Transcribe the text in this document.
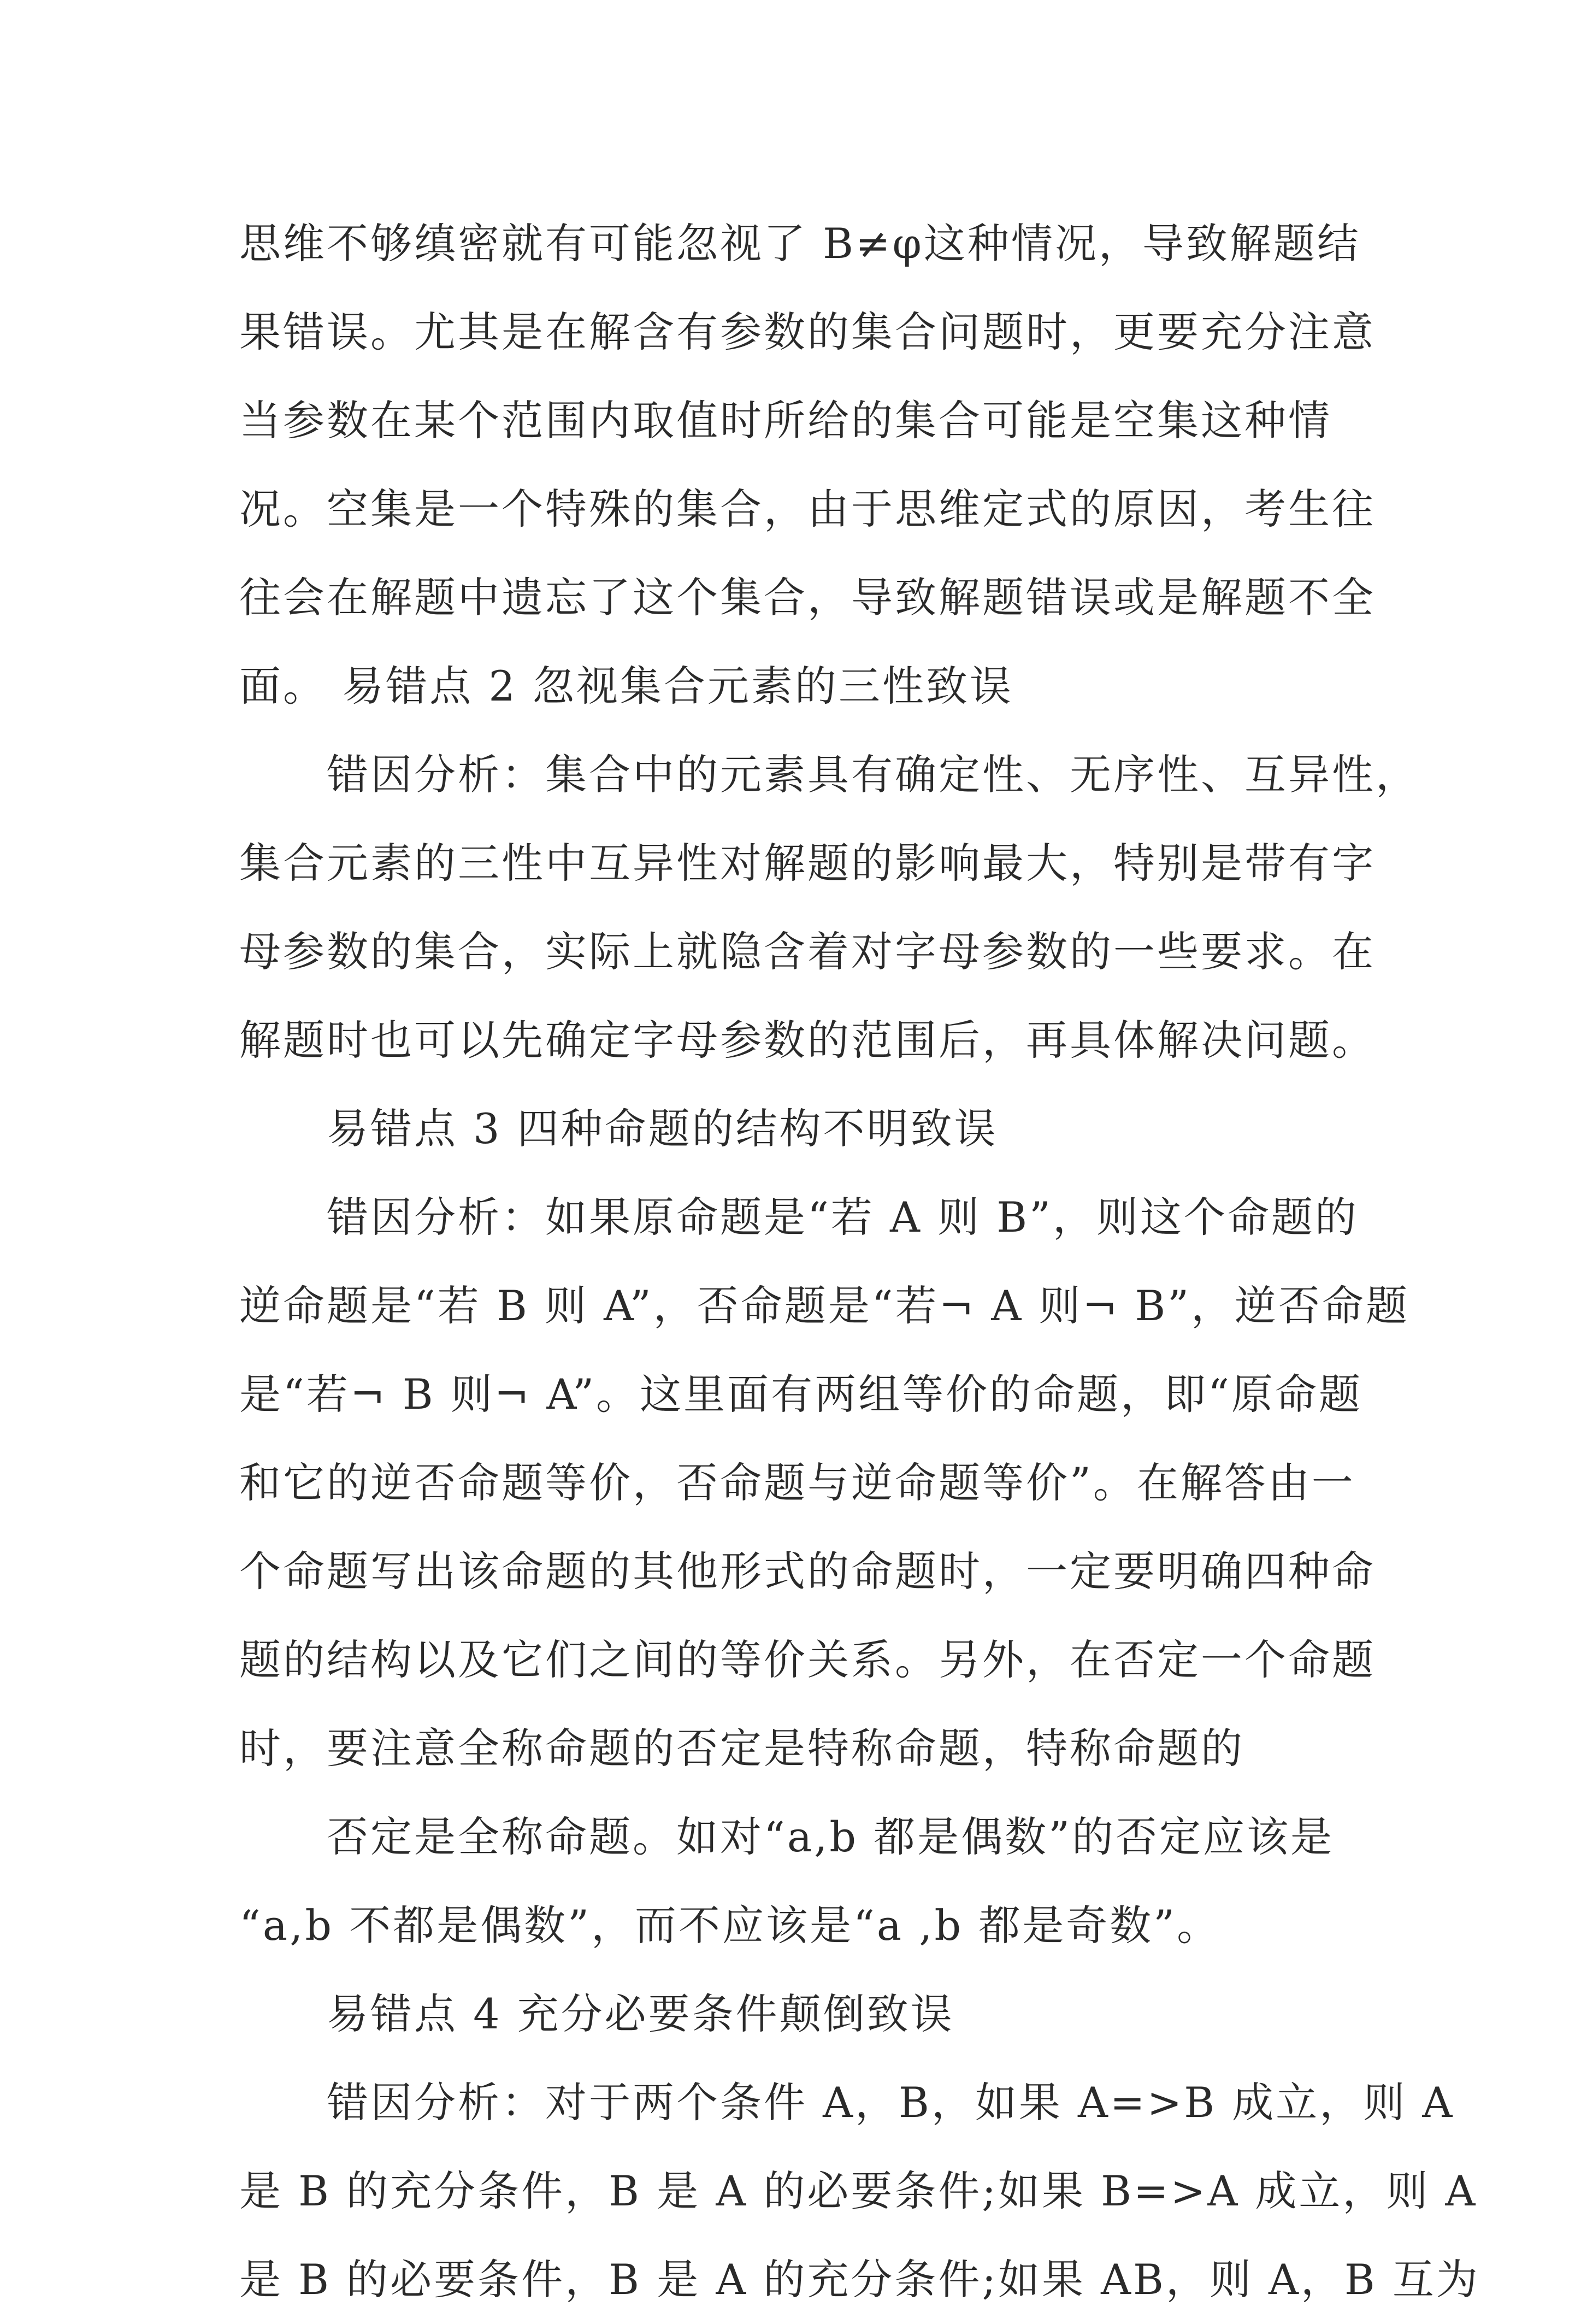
思维不够缜密就有可能忽视了 B≠φ这种情况，导致解题结
果错误。尤其是在解含有参数的集合问题时，更要充分注意
当参数在某个范围内取值时所给的集合可能是空集这种情
况。空集是一个特殊的集合，由于思维定式的原因，考生往
往会在解题中遗忘了这个集合，导致解题错误或是解题不全
面。 易错点 2 忽视集合元素的三性致误

错因分析：集合中的元素具有确定性、无序性、互异性，
集合元素的三性中互异性对解题的影响最大，特别是带有字
母参数的集合，实际上就隐含着对字母参数的一些要求。在
解题时也可以先确定字母参数的范围后，再具体解决问题。

易错点 3 四种命题的结构不明致误

错因分析：如果原命题是“若 A 则 B”，则这个命题的
逆命题是“若 B 则 A”，否命题是“若¬ A 则¬ B”，逆否命题
是“若¬ B 则¬ A”。这里面有两组等价的命题，即“原命题
和它的逆否命题等价，否命题与逆命题等价”。在解答由一
个命题写出该命题的其他形式的命题时，一定要明确四种命
题的结构以及它们之间的等价关系。另外，在否定一个命题
时，要注意全称命题的否定是特称命题，特称命题的

否定是全称命题。如对“a,b 都是偶数”的否定应该是
“a,b 不都是偶数”，而不应该是“a ,b 都是奇数”。

易错点 4 充分必要条件颠倒致误

错因分析：对于两个条件 A，B，如果 A=>B 成立，则 A
是 B 的充分条件，B 是 A 的必要条件;如果 B=>A 成立，则 A
是 B 的必要条件，B 是 A 的充分条件;如果 AB，则 A，B 互为
